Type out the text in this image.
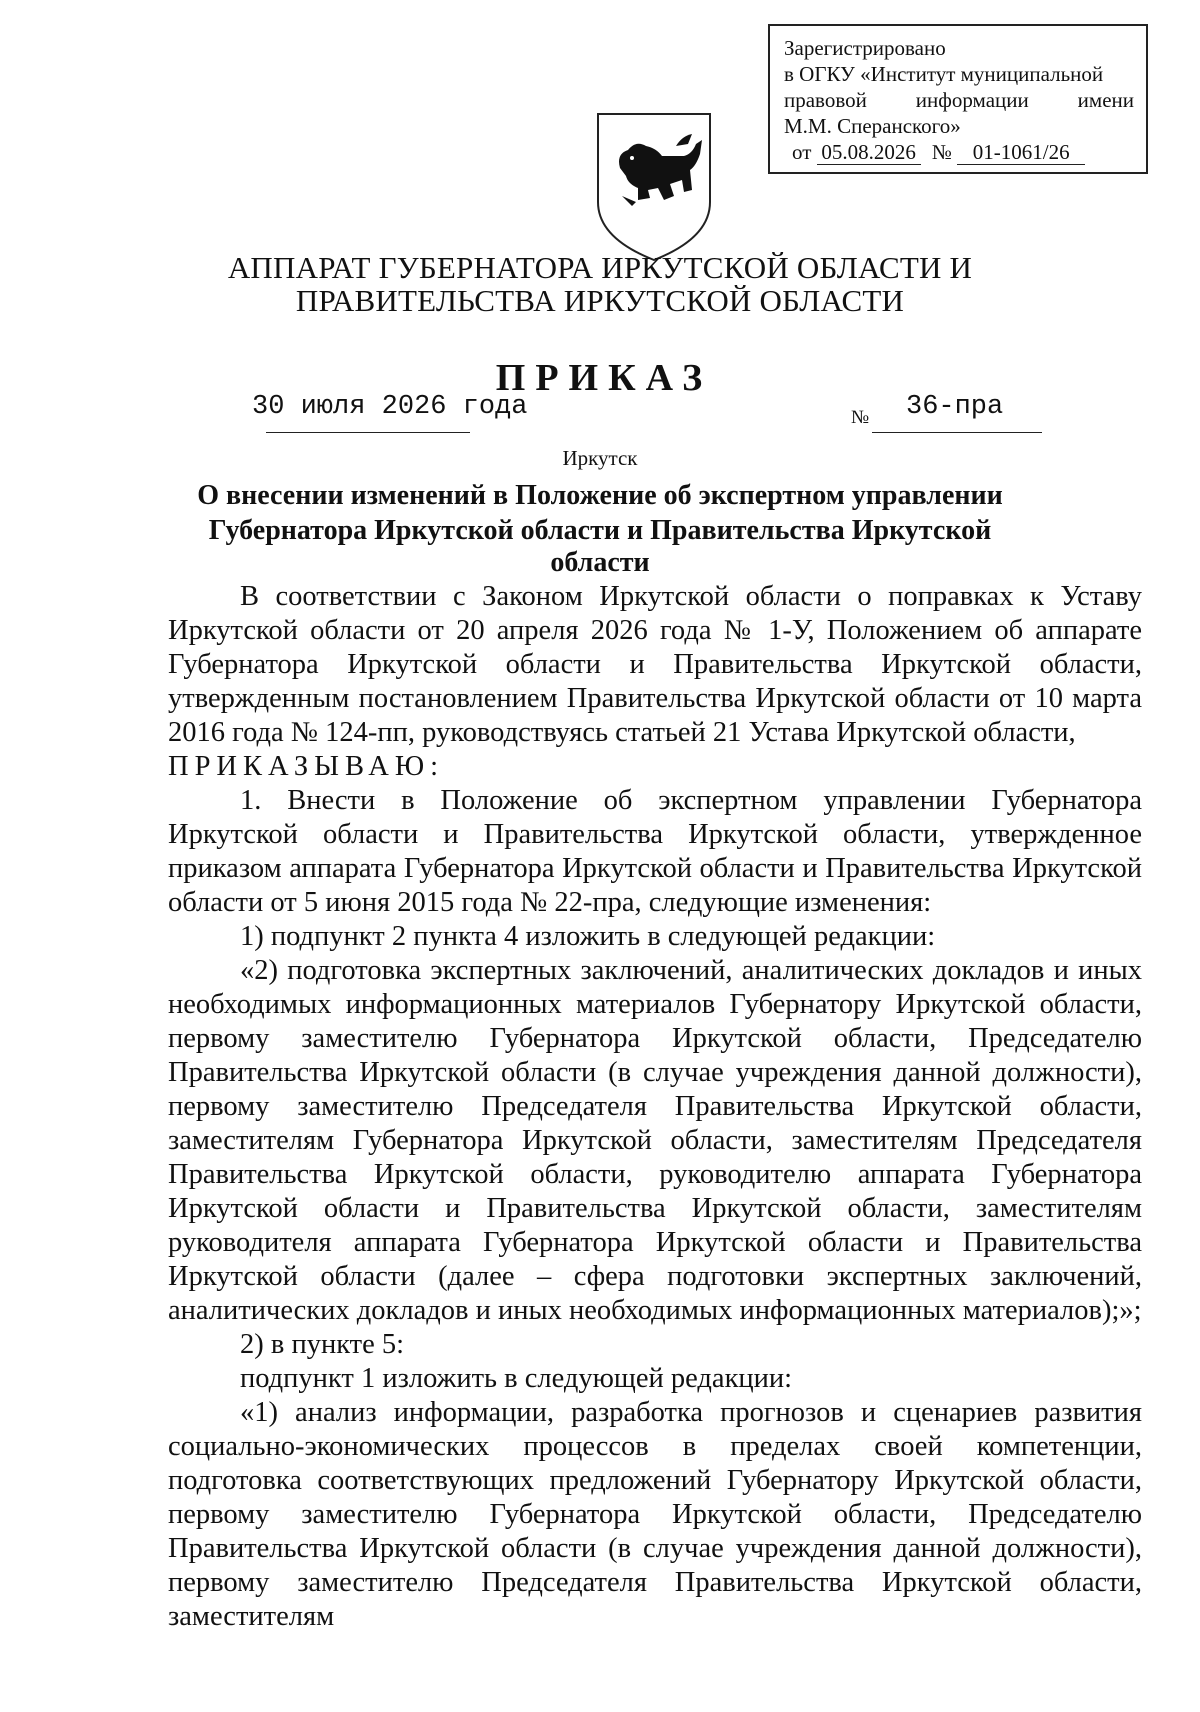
Зарегистрировано
в ОГКУ «Институт муниципальной
правовой информации имени
М.М. Сперанского»
от 05.08.2026 № 01-1061/26
АППАРАТ ГУБЕРНАТОРА ИРКУТСКОЙ ОБЛАСТИ И
ПРАВИТЕЛЬСТВА ИРКУТСКОЙ ОБЛАСТИ
ПРИКАЗ
30 июля 2026 года	№ 36-пра
Иркутск
О внесении изменений в Положение об экспертном управлении
Губернатора Иркутской области и Правительства Иркутской области

В соответствии с Законом Иркутской области о поправках к Уставу Иркутской области от 20 апреля 2026 года № 1-У, Положением об аппарате Губернатора Иркутской области и Правительства Иркутской области, утвержденным постановлением Правительства Иркутской области от 10 марта 2016 года № 124-пп, руководствуясь статьей 21 Устава Иркутской области,

ПРИКАЗЫВАЮ:

1. Внести в Положение об экспертном управлении Губернатора Иркутской области и Правительства Иркутской области, утвержденное приказом аппарата Губернатора Иркутской области и Правительства Иркутской области от 5 июня 2015 года № 22-пра, следующие изменения:

1) подпункт 2 пункта 4 изложить в следующей редакции:

«2) подготовка экспертных заключений, аналитических докладов и иных необходимых информационных материалов Губернатору Иркутской области, первому заместителю Губернатора Иркутской области, Председателю Правительства Иркутской области (в случае учреждения данной должности), первому заместителю Председателя Правительства Иркутской области, заместителям Губернатора Иркутской области, заместителям Председателя Правительства Иркутской области, руководителю аппарата Губернатора Иркутской области и Правительства Иркутской области, заместителям руководителя аппарата Губернатора Иркутской области и Правительства Иркутской области (далее – сфера подготовки экспертных заключений, аналитических докладов и иных необходимых информационных материалов);»;

2) в пункте 5:

подпункт 1 изложить в следующей редакции:

«1) анализ информации, разработка прогнозов и сценариев развития социально-экономических процессов в пределах своей компетенции, подготовка соответствующих предложений Губернатору Иркутской области, первому заместителю Губернатора Иркутской области, Председателю Правительства Иркутской области (в случае учреждения данной должности), первому заместителю Председателя Правительства Иркутской области, заместителям
